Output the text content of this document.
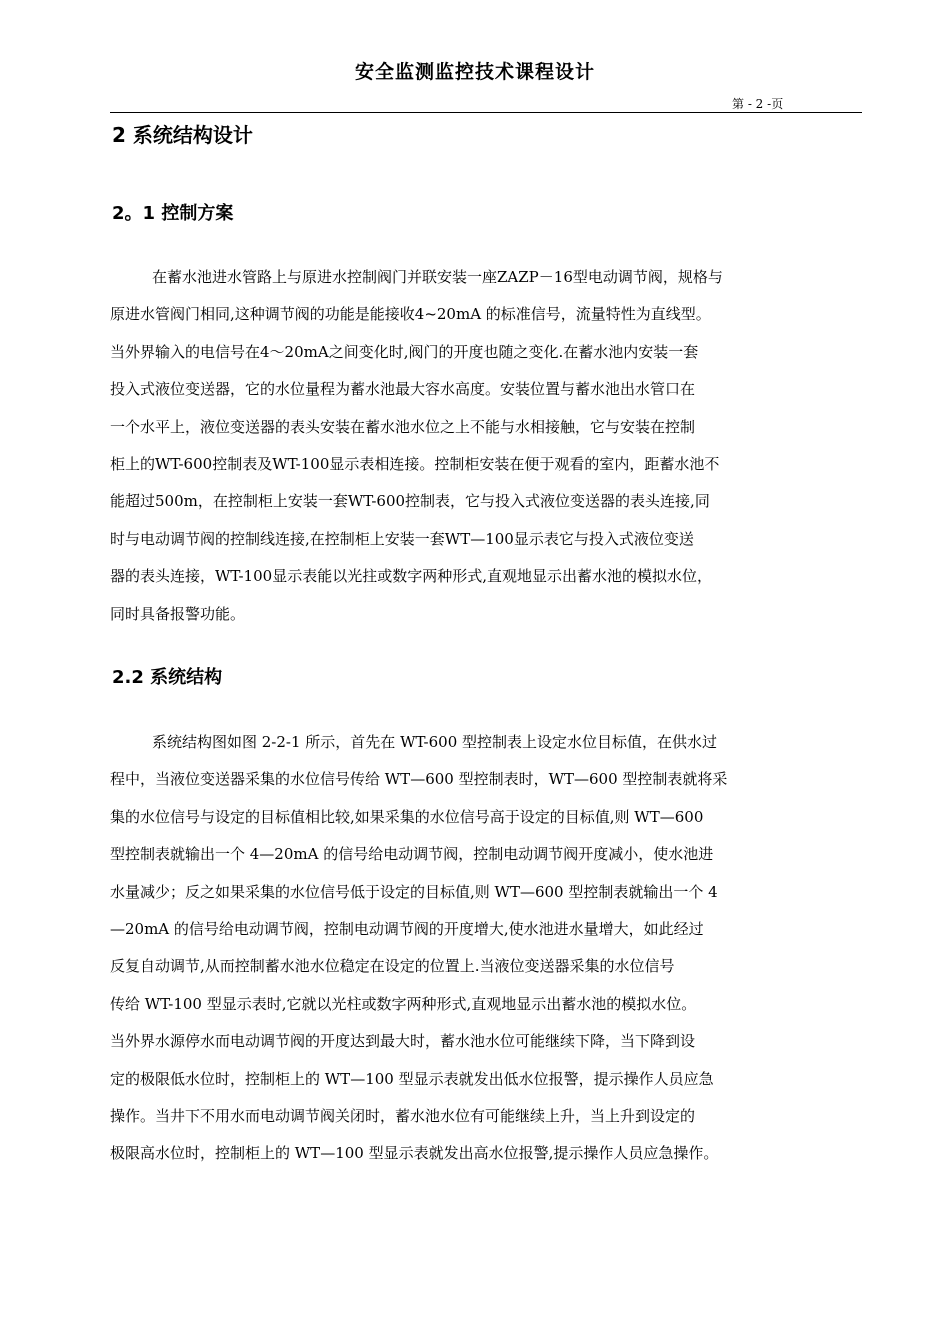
安全监测监控技术课程设计
第 - 2 -页
2 系统结构设计
2。1 控制方案
在蓄水池进水管路上与原进水控制阀门并联安装一座ZAZP－16型电动调节阀，规格与
原进水管阀门相同,这种调节阀的功能是能接收4~20mA 的标准信号，流量特性为直线型。
当外界输入的电信号在4～20mA之间变化时,阀门的开度也随之变化.在蓄水池内安装一套
投入式液位变送器，它的水位量程为蓄水池最大容水高度。安装位置与蓄水池出水管口在
一个水平上，液位变送器的表头安装在蓄水池水位之上不能与水相接触，它与安装在控制
柜上的WT-600控制表及WT-100显示表相连接。控制柜安装在便于观看的室内，距蓄水池不
能超过500m，在控制柜上安装一套WT-600控制表，它与投入式液位变送器的表头连接,同
时与电动调节阀的控制线连接,在控制柜上安装一套WT—100显示表它与投入式液位变送
器的表头连接，WT-100显示表能以光拄或数字两种形式,直观地显示出蓄水池的模拟水位，
同时具备报警功能。
2.2 系统结构
系统结构图如图 2-2-1 所示，首先在 WT-600 型控制表上设定水位目标值，在供水过
程中，当液位变送器采集的水位信号传给 WT—600 型控制表时，WT—600 型控制表就将采
集的水位信号与设定的目标值相比较,如果采集的水位信号高于设定的目标值,则 WT—600
型控制表就输出一个 4—20mA 的信号给电动调节阀，控制电动调节阀开度减小，使水池进
水量减少；反之如果采集的水位信号低于设定的目标值,则 WT—600 型控制表就输出一个 4
—20mA 的信号给电动调节阀，控制电动调节阀的开度增大,使水池进水量增大，如此经过
反复自动调节,从而控制蓄水池水位稳定在设定的位置上.当液位变送器采集的水位信号
传给 WT-100 型显示表时,它就以光柱或数字两种形式,直观地显示出蓄水池的模拟水位。
当外界水源停水而电动调节阀的开度达到最大时，蓄水池水位可能继续下降，当下降到设
定的极限低水位时，控制柜上的 WT—100 型显示表就发出低水位报警，提示操作人员应急
操作。当井下不用水而电动调节阀关闭时，蓄水池水位有可能继续上升，当上升到设定的
极限高水位时，控制柜上的 WT—100 型显示表就发出高水位报警,提示操作人员应急操作。
